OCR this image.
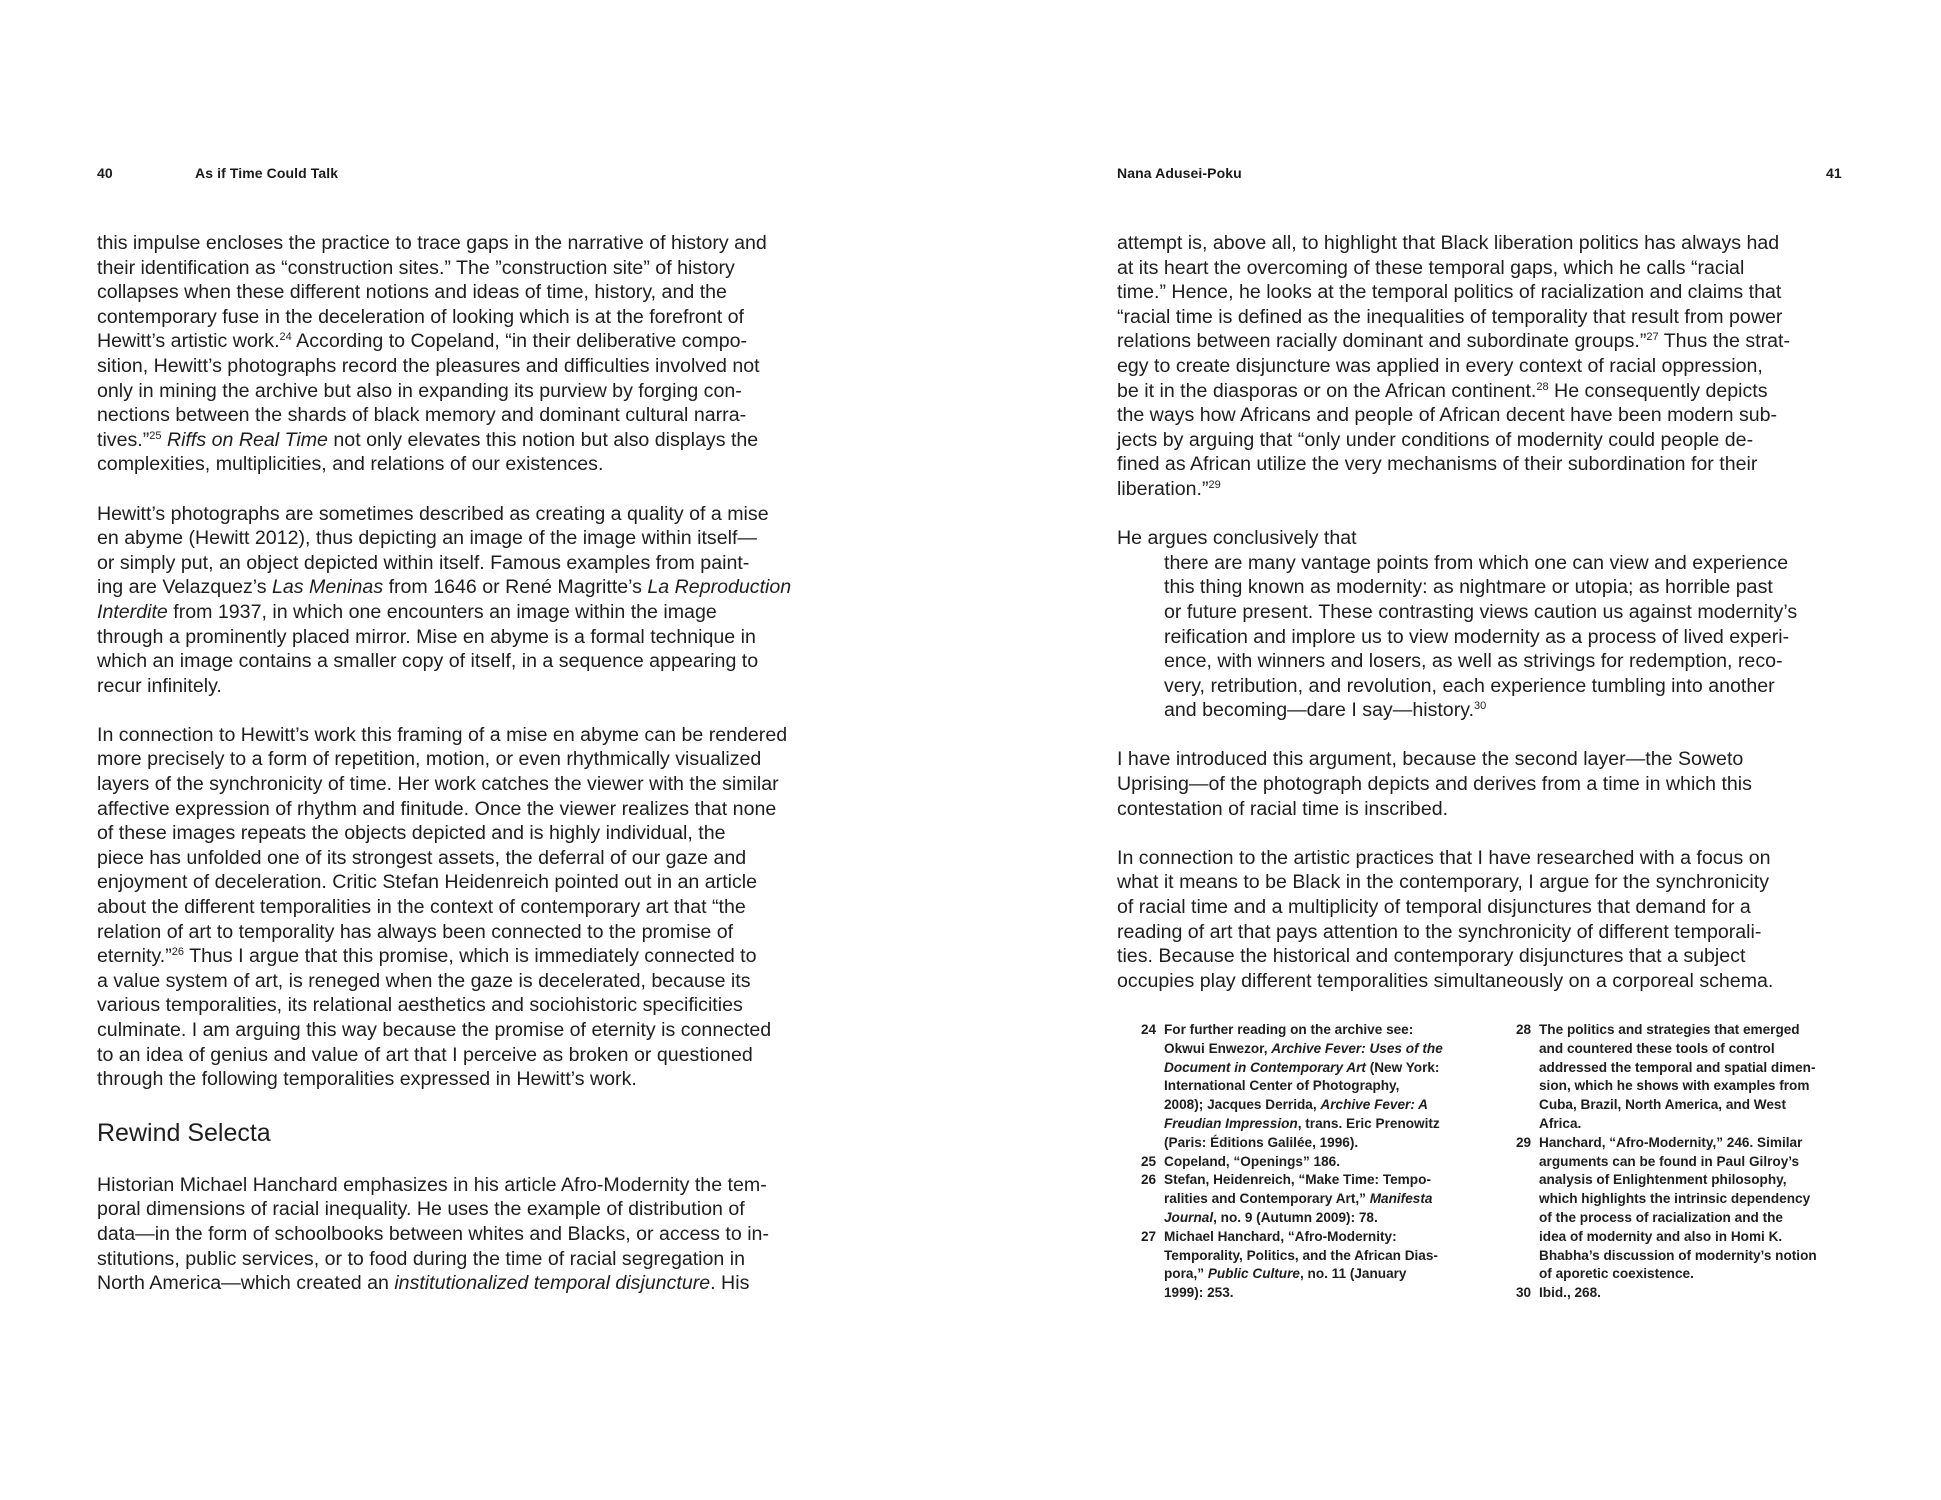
40	As if Time Could Talk
this impulse encloses the practice to trace gaps in the narrative of history and
their identification as “construction sites.” The ”construction site” of history
collapses when these different notions and ideas of time, history, and the
contemporary fuse in the deceleration of looking which is at the forefront of
Hewitt’s artistic work.$^{24}$ According to Copeland, “in their deliberative compo-
sition, Hewitt’s photographs record the pleasures and difficulties involved not
only in mining the archive but also in expanding its purview by forging con-
nections between the shards of black memory and dominant cultural narra-
tives.”$^{25}$ Riffs on Real Time not only elevates this notion but also displays the
complexities, multiplicities, and relations of our existences.
Hewitt’s photographs are sometimes described as creating a quality of a mise
en abyme (Hewitt 2012), thus depicting an image of the image within itself—
or simply put, an object depicted within itself. Famous examples from paint-
ing are Velazquez’s Las Meninas from 1646 or René Magritte’s La Reproduction
Interdite from 1937, in which one encounters an image within the image
through a prominently placed mirror. Mise en abyme is a formal technique in
which an image contains a smaller copy of itself, in a sequence appearing to
recur infinitely.
In connection to Hewitt’s work this framing of a mise en abyme can be rendered
more precisely to a form of repetition, motion, or even rhythmically visualized
layers of the synchronicity of time. Her work catches the viewer with the similar
affective expression of rhythm and finitude. Once the viewer realizes that none
of these images repeats the objects depicted and is highly individual, the
piece has unfolded one of its strongest assets, the deferral of our gaze and
enjoyment of deceleration. Critic Stefan Heidenreich pointed out in an article
about the different temporalities in the context of contemporary art that “the
relation of art to temporality has always been connected to the promise of
eternity.”$^{26}$ Thus I argue that this promise, which is immediately connected to
a value system of art, is reneged when the gaze is decelerated, because its
various temporalities, its relational aesthetics and sociohistoric specificities
culminate. I am arguing this way because the promise of eternity is connected
to an idea of genius and value of art that I perceive as broken or questioned
through the following temporalities expressed in Hewitt’s work.
Rewind Selecta
Historian Michael Hanchard emphasizes in his article Afro-Modernity the tem-
poral dimensions of racial inequality. He uses the example of distribution of
data—in the form of schoolbooks between whites and Blacks, or access to in-
stitutions, public services, or to food during the time of racial segregation in
North America—which created an institutionalized temporal disjuncture. His
Nana Adusei-Poku	41
attempt is, above all, to highlight that Black liberation politics has always had
at its heart the overcoming of these temporal gaps, which he calls “racial
time.” Hence, he looks at the temporal politics of racialization and claims that
“racial time is defined as the inequalities of temporality that result from power
relations between racially dominant and subordinate groups.”$^{27}$ Thus the strat-
egy to create disjuncture was applied in every context of racial oppression,
be it in the diasporas or on the African continent.$^{28}$ He consequently depicts
the ways how Africans and people of African decent have been modern sub-
jects by arguing that “only under conditions of modernity could people de-
fined as African utilize the very mechanisms of their subordination for their
liberation.”$^{29}$
He argues conclusively that
there are many vantage points from which one can view and experience
this thing known as modernity: as nightmare or utopia; as horrible past
or future present. These contrasting views caution us against modernity’s
reification and implore us to view modernity as a process of lived experi-
ence, with winners and losers, as well as strivings for redemption, reco-
very, retribution, and revolution, each experience tumbling into another
and becoming—dare I say—history.$^{30}$
I have introduced this argument, because the second layer—the Soweto
Uprising—of the photograph depicts and derives from a time in which this
contestation of racial time is inscribed.
In connection to the artistic practices that I have researched with a focus on
what it means to be Black in the contemporary, I argue for the synchronicity
of racial time and a multiplicity of temporal disjunctures that demand for a
reading of art that pays attention to the synchronicity of different temporali-
ties. Because the historical and contemporary disjunctures that a subject
occupies play different temporalities simultaneously on a corporeal schema.
24 For further reading on the archive see:
Okwui Enwezor, Archive Fever: Uses of the
Document in Contemporary Art (New York:
International Center of Photography,
2008); Jacques Derrida, Archive Fever: A
Freudian Impression, trans. Eric Prenowitz
(Paris: Éditions Galilée, 1996).
25 Copeland, “Openings” 186.
26 Stefan, Heidenreich, “Make Time: Tempo-
ralities and Contemporary Art,” Manifesta
Journal, no. 9 (Autumn 2009): 78.
27 Michael Hanchard, “Afro-Modernity:
Temporality, Politics, and the African Dias-
pora,” Public Culture, no. 11 (January
1999): 253.
28 The politics and strategies that emerged
and countered these tools of control
addressed the temporal and spatial dimen-
sion, which he shows with examples from
Cuba, Brazil, North America, and West
Africa.
29 Hanchard, “Afro-Modernity,” 246. Similar
arguments can be found in Paul Gilroy’s
analysis of Enlightenment philosophy,
which highlights the intrinsic dependency
of the process of racialization and the
idea of modernity and also in Homi K.
Bhabha’s discussion of modernity’s notion
of aporetic coexistence.
30 Ibid., 268.
